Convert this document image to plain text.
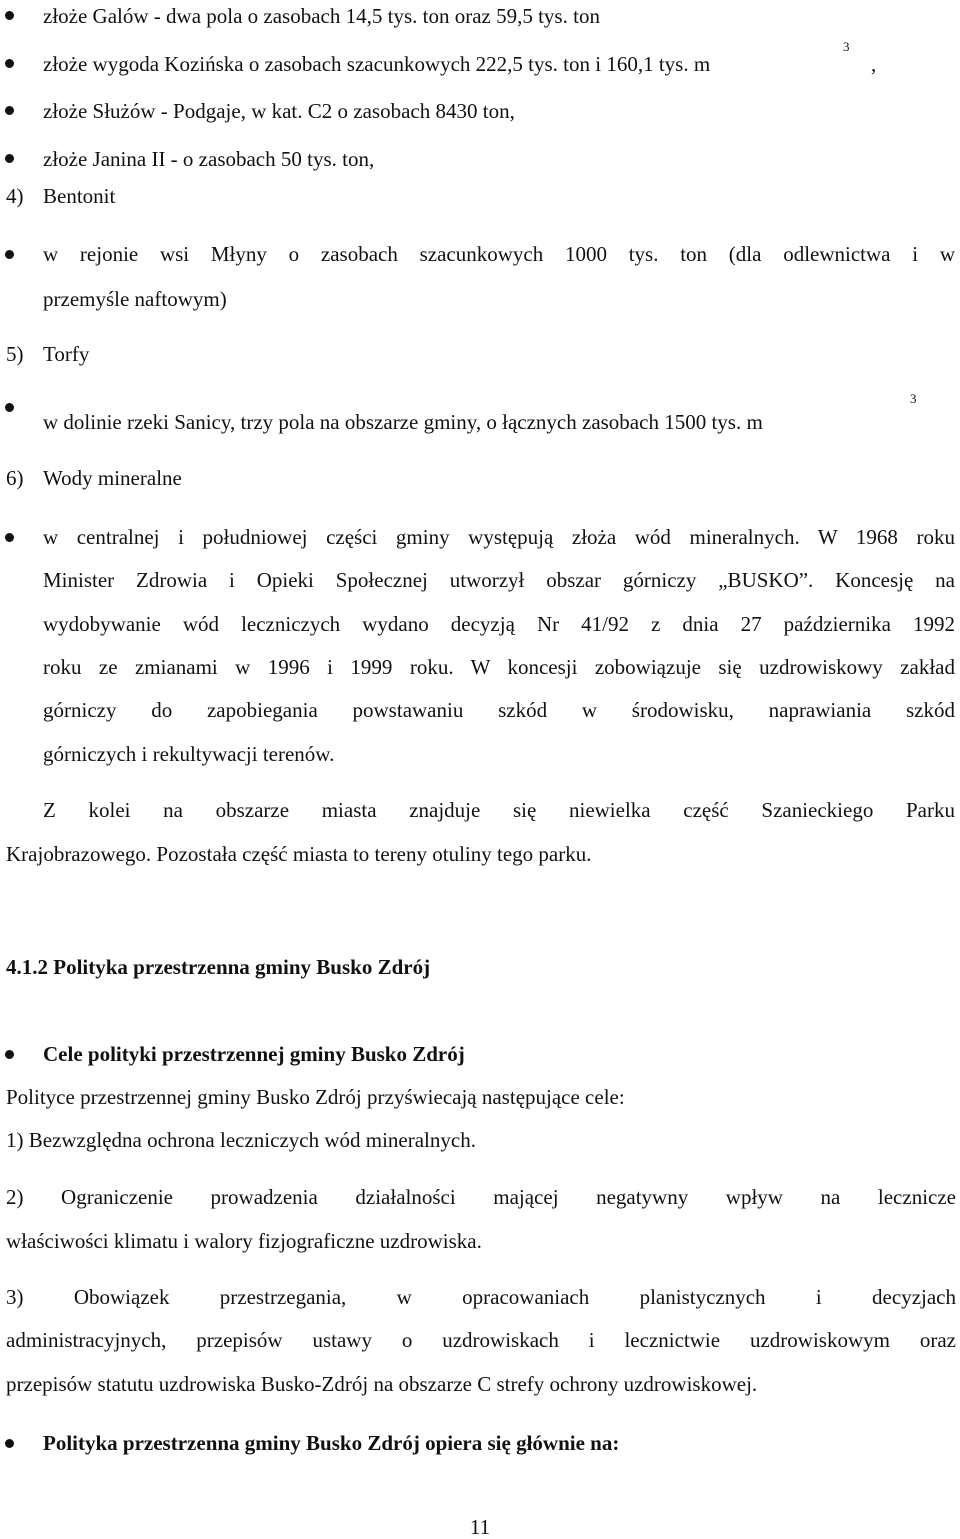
złoże Galów - dwa pola o zasobach 14,5 tys. ton oraz 59,5 tys. ton
złoże wygoda Kozińska o zasobach szacunkowych 222,5 tys. ton i 160,1 tys. m
3
,
złoże Służów - Podgaje, w kat. C2 o zasobach 8430 ton,
złoże Janina II - o zasobach 50 tys. ton,
4) Bentonit
w rejonie wsi Młyny o zasobach szacunkowych 1000 tys. ton (dla odlewnictwa i w
przemyśle naftowym)
5) Torfy
w dolinie rzeki Sanicy, trzy pola na obszarze gminy, o łącznych zasobach 1500 tys. m
3
6) Wody mineralne
w centralnej i południowej części gminy występują złoża wód mineralnych. W 1968 roku
Minister Zdrowia i Opieki Społecznej utworzył obszar górniczy „BUSKO”. Koncesję na
wydobywanie wód leczniczych wydano decyzją Nr 41/92 z dnia 27 października 1992
roku ze zmianami w 1996 i 1999 roku. W koncesji zobowiązuje się uzdrowiskowy zakład
górniczy do zapobiegania powstawaniu szkód w środowisku, naprawiania szkód
górniczych i rekultywacji terenów.
Z kolei na obszarze miasta znajduje się niewielka część Szanieckiego Parku
Krajobrazowego. Pozostała część miasta to tereny otuliny tego parku.
4.1.2 Polityka przestrzenna gminy Busko Zdrój
Cele polityki przestrzennej gminy Busko Zdrój
Polityce przestrzennej gminy Busko Zdrój przyświecają następujące cele:
1) Bezwzględna ochrona leczniczych wód mineralnych.
2) Ograniczenie prowadzenia działalności mającej negatywny wpływ na lecznicze
właściwości klimatu i walory fizjograficzne uzdrowiska.
3) Obowiązek przestrzegania, w opracowaniach planistycznych i decyzjach
administracyjnych, przepisów ustawy o uzdrowiskach i lecznictwie uzdrowiskowym oraz
przepisów statutu uzdrowiska Busko-Zdrój na obszarze C strefy ochrony uzdrowiskowej.
Polityka przestrzenna gminy Busko Zdrój opiera się głównie na:
11
